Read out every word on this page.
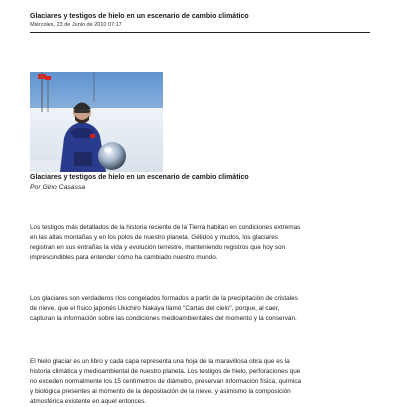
Glaciares y testigos de hielo en un escenario de cambio climático
Miércoles, 23 de Junio de 2010 07:17
Glaciares y testigos de hielo en un escenario de cambio climático
Por Gino Casassa
Los testigos más detallados de la historia reciente de la Tierra habitan en condiciones extremas
en las altas montañas y en los polos de nuestro planeta. Gélidos y mudos, los glaciares
registran en sus entrañas la vida y evolución terrestre, manteniendo registros que hoy son
imprescindibles para entender cómo ha cambiado nuestro mundo.
Los glaciares son verdaderos ríos congelados formados a partir de la precipitación de cristales
de nieve, que el físico japonés Ukichiro Nakaya llamó "Cartas del cielo", porque, al caer,
capturan la información sobre las condiciones medioambientales del momento y la conservan.
El hielo glaciar es un libro y cada capa representa una hoja de la maravillosa obra que es la
historia climática y medioambiental de nuestro planeta. Los testigos de hielo, perforaciones que
no exceden normalmente los 15 centímetros de diámetro, preservan información física, química
y biológica presentes al momento de la depositación de la nieve, y asimismo la composición
atmosférica existente en aquel entonces.
